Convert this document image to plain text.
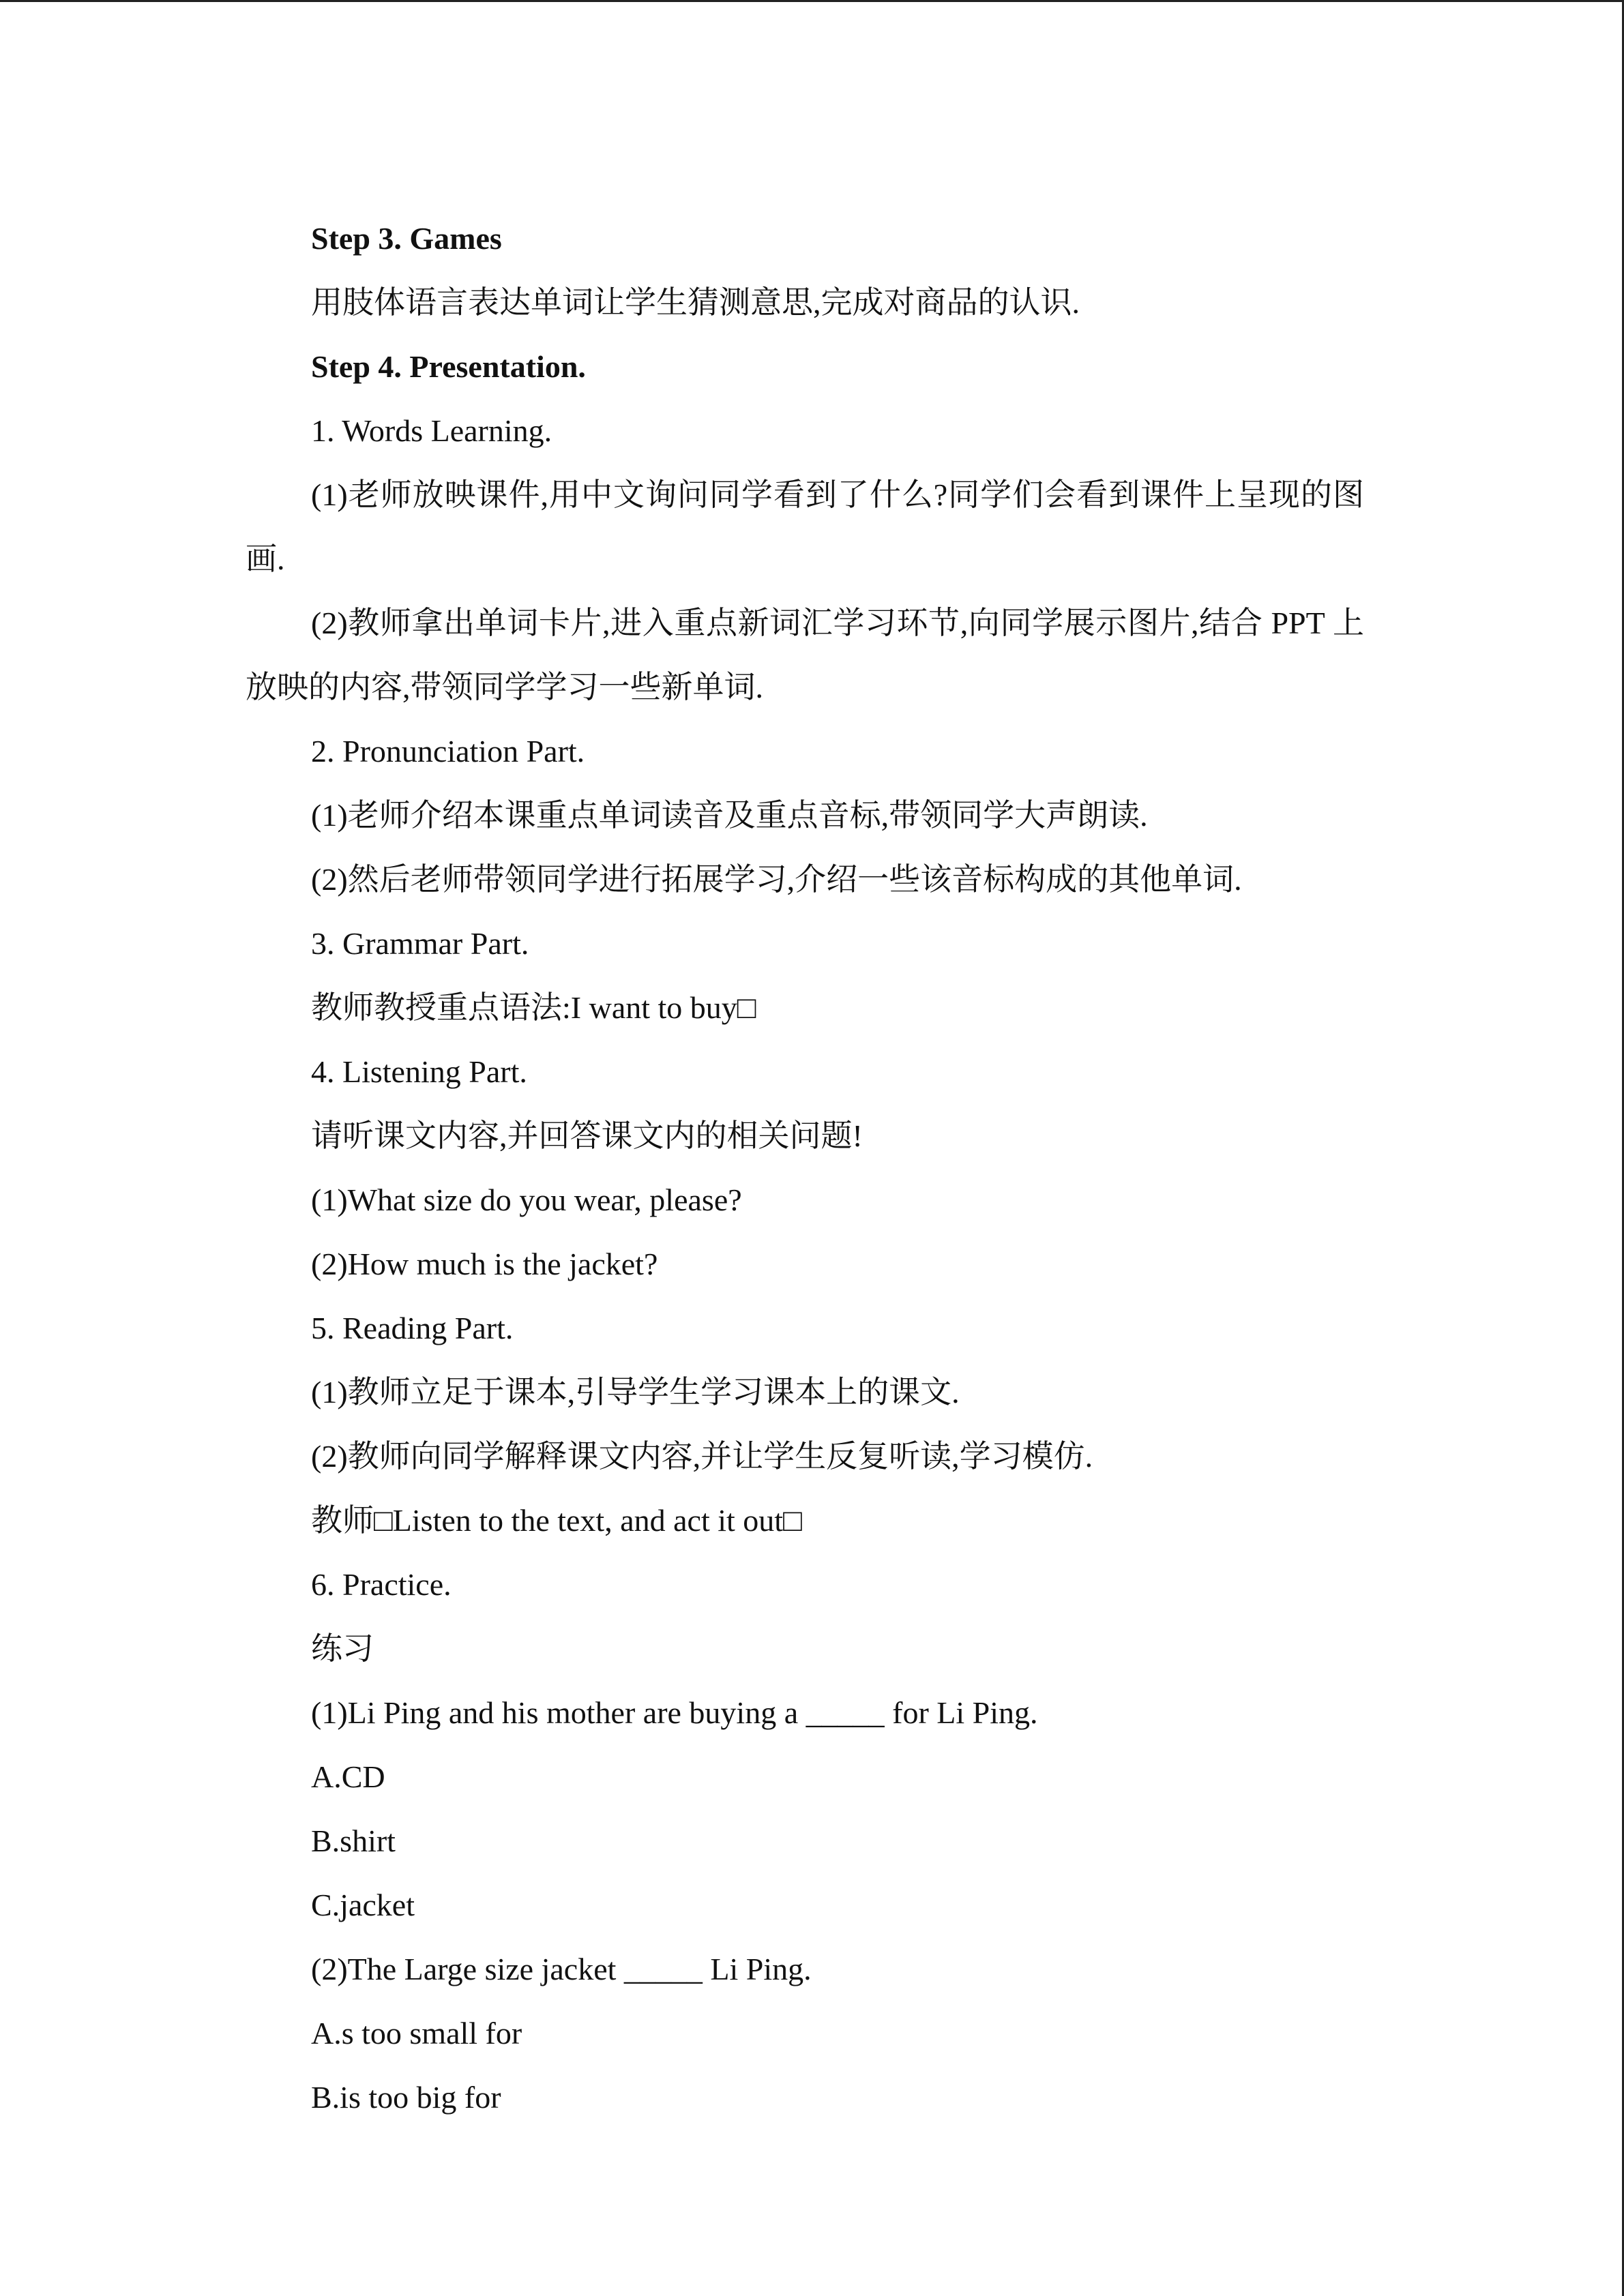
Step 3. Games
用肢体语言表达单词让学生猜测意思,完成对商品的认识.
Step 4. Presentation.
1. Words Learning.
(1)老师放映课件,用中文询问同学看到了什么?同学们会看到课件上呈现的图画.
(2)教师拿出单词卡片,进入重点新词汇学习环节,向同学展示图片,结合 PPT 上放映的内容,带领同学学习一些新单词.
2. Pronunciation Part.
(1)老师介绍本课重点单词读音及重点音标,带领同学大声朗读.
(2)然后老师带领同学进行拓展学习,介绍一些该音标构成的其他单词.
3. Grammar Part.
教师教授重点语法:I want to buy□
4. Listening Part.
请听课文内容,并回答课文内的相关问题!
(1)What size do you wear, please?
(2)How much is the jacket?
5. Reading Part.
(1)教师立足于课本,引导学生学习课本上的课文.
(2)教师向同学解释课文内容,并让学生反复听读,学习模仿.
教师□Listen to the text, and act it out□
6. Practice.
练习
(1)Li Ping and his mother are buying a _____ for Li Ping.
A.CD
B.shirt
C.jacket
(2)The Large size jacket _____ Li Ping.
A.s too small for
B.is too big for
